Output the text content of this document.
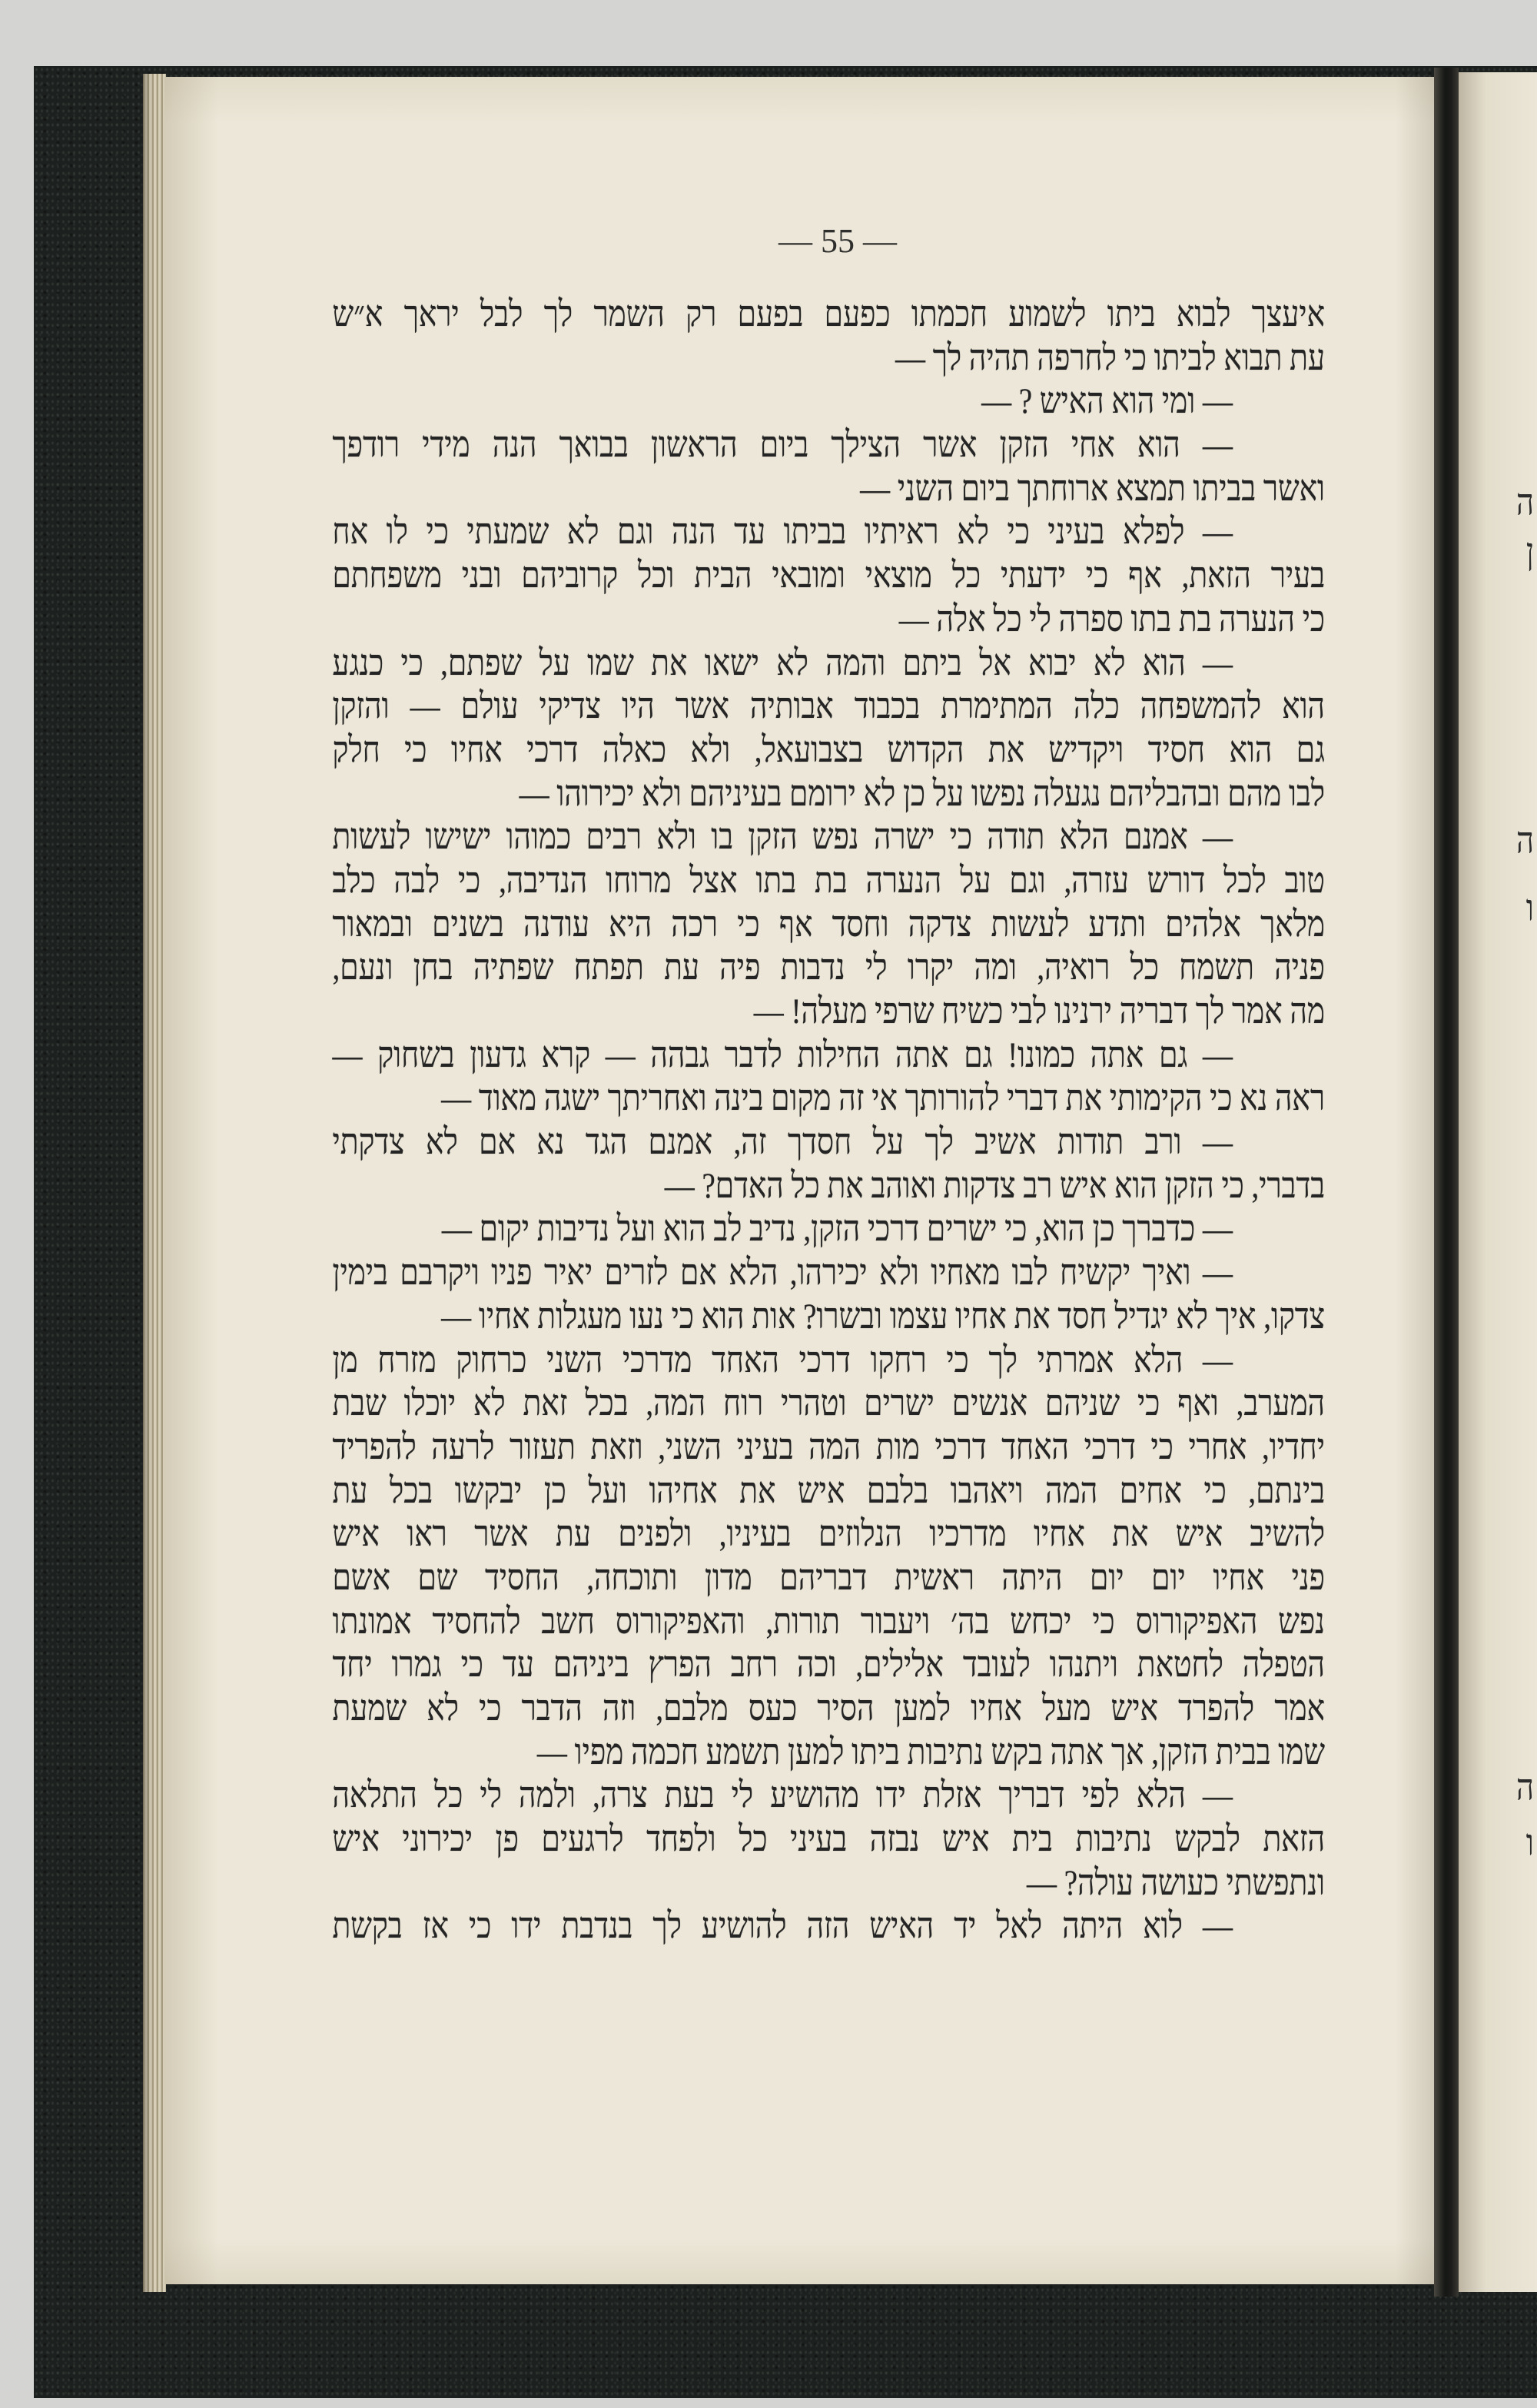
— 55 —
איעצך לבוא ביתו לשמוע חכמתו כפעם בפעם רק השמר לך לבל יראך א״ש
עת תבוא לביתו כי לחרפה תהיה לך —
— ומי הוא האיש ? —
— הוא אחי הזקן אשר הצילך ביום הראשון בבואך הנה מידי רודפך
ואשר בביתו תמצא ארוחתך ביום השני —
— לפלא בעיני כי לא ראיתיו בביתו עד הנה וגם לא שמעתי כי לו אח
בעיר הזאת, אף כי ידעתי כל מוצאי ומובאי הבית וכל קרוביהם ובני משפחתם
כי הנערה בת בתו ספרה לי כל אלה —
— הוא לא יבוא אל ביתם והמה לא ישאו את שמו על שפתם, כי כנגע
הוא להמשפחה כלה המתימרת בכבוד אבותיה אשר היו צדיקי עולם — והזקן
גם הוא חסיד ויקדיש את הקדוש בצבועאל, ולא כאלה דרכי אחיו כי חלק
לבו מהם ובהבליהם נגעלה נפשו על כן לא ירומם בעיניהם ולא יכירוהו —
— אמנם הלא תודה כי ישרה נפש הזקן בו ולא רבים כמוהו ישישו לעשות
טוב לכל דורש עזרה, וגם על הנערה בת בתו אצל מרוחו הנדיבה, כי לבה כלב
מלאך אלהים ותדע לעשות צדקה וחסד אף כי רכה היא עודנה בשנים ובמאור
פניה תשמח כל רואיה, ומה יקרו לי נדבות פיה עת תפתח שפתיה בחן ונעם,
מה אמר לך דבריה ירנינו לבי כשיח שרפי מעלה! —
— גם אתה כמונו! גם אתה החילות לדבר גבהה — קרא גדעון בשחוק —
ראה נא כי הקימותי את דברי להורותך אי זה מקום בינה ואחריתך ישגה מאוד —
— ורב תודות אשיב לך על חסדך זה, אמנם הגד נא אם לא צדקתי
בדברי, כי הזקן הוא איש רב צדקות ואוהב את כל האדם? —
— כדברך כן הוא, כי ישרים דרכי הזקן, נדיב לב הוא ועל נדיבות יקום —
— ואיך יקשיח לבו מאחיו ולא יכירהו, הלא אם לזרים יאיר פניו ויקרבם בימין
צדקו, איך לא יגדיל חסד את אחיו עצמו ובשרו? אות הוא כי נעו מעגלות אחיו —
— הלא אמרתי לך כי רחקו דרכי האחד מדרכי השני כרחוק מזרח מן
המערב, ואף כי שניהם אנשים ישרים וטהרי רוח המה, בכל זאת לא יוכלו שבת
יחדיו, אחרי כי דרכי האחד דרכי מות המה בעיני השני, וזאת תעזור לרעה להפריד
בינתם, כי אחים המה ויאהבו בלבם איש את אחיהו ועל כן יבקשו בכל עת
להשיב איש את אחיו מדרכיו הנלוזים בעיניו, ולפנים עת אשר ראו איש
פני אחיו יום יום היתה ראשית דבריהם מדון ותוכחה, החסיד שם אשם
נפש האפיקורוס כי יכחש בה׳ ויעבור תורות, והאפיקורוס חשב להחסיד אמונתו
הטפלה לחטאת ויתנהו לעובד אלילים, וכה רחב הפרץ ביניהם עד כי גמרו יחד
אמר להפרד איש מעל אחיו למען הסיר כעס מלבם, וזה הדבר כי לא שמעת
שמו בבית הזקן, אך אתה בקש נתיבות ביתו למען תשמע חכמה מפיו —
— הלא לפי דבריך אזלת ידו מהושיע לי בעת צרה, ולמה לי כל התלאה
הזאת לבקש נתיבות בית איש נבזה בעיני כל ולפחד לרגעים פן יכירוני איש
ונתפשתי כעושה עולה? —
— לוא היתה לאל יד האיש הזה להושיע לך בנדבת ידו כי אז בקשת
ה
ן
ה
ו
ה
ו
